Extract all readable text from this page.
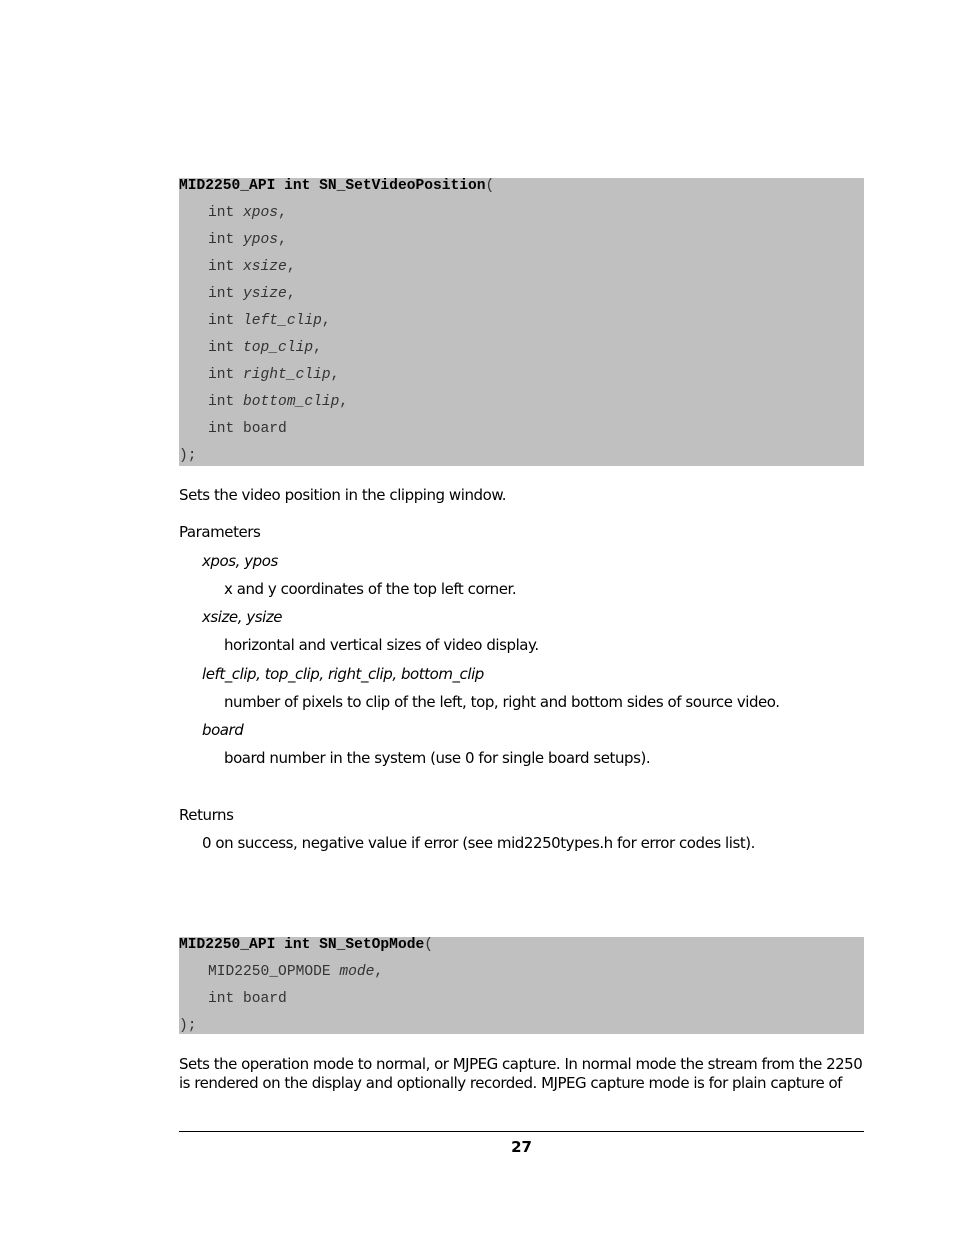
MID2250_API int SN_SetVideoPosition(
int xpos,
int ypos,
int xsize,
int ysize,
int left_clip,
int top_clip,
int right_clip,
int bottom_clip,
int board
);
Sets the video position in the clipping window.
Parameters
xpos, ypos
x and y coordinates of the top left corner.
xsize, ysize
horizontal and vertical sizes of video display.
left_clip, top_clip, right_clip, bottom_clip
number of pixels to clip of the left, top, right and bottom sides of source video.
board
board number in the system (use 0 for single board setups).
Returns
0 on success, negative value if error (see mid2250types.h for error codes list).
MID2250_API int SN_SetOpMode(
MID2250_OPMODE mode,
int board
);
Sets the operation mode to normal, or MJPEG capture. In normal mode the stream from the 2250 is rendered on the display and optionally recorded. MJPEG capture mode is for plain capture of
27
